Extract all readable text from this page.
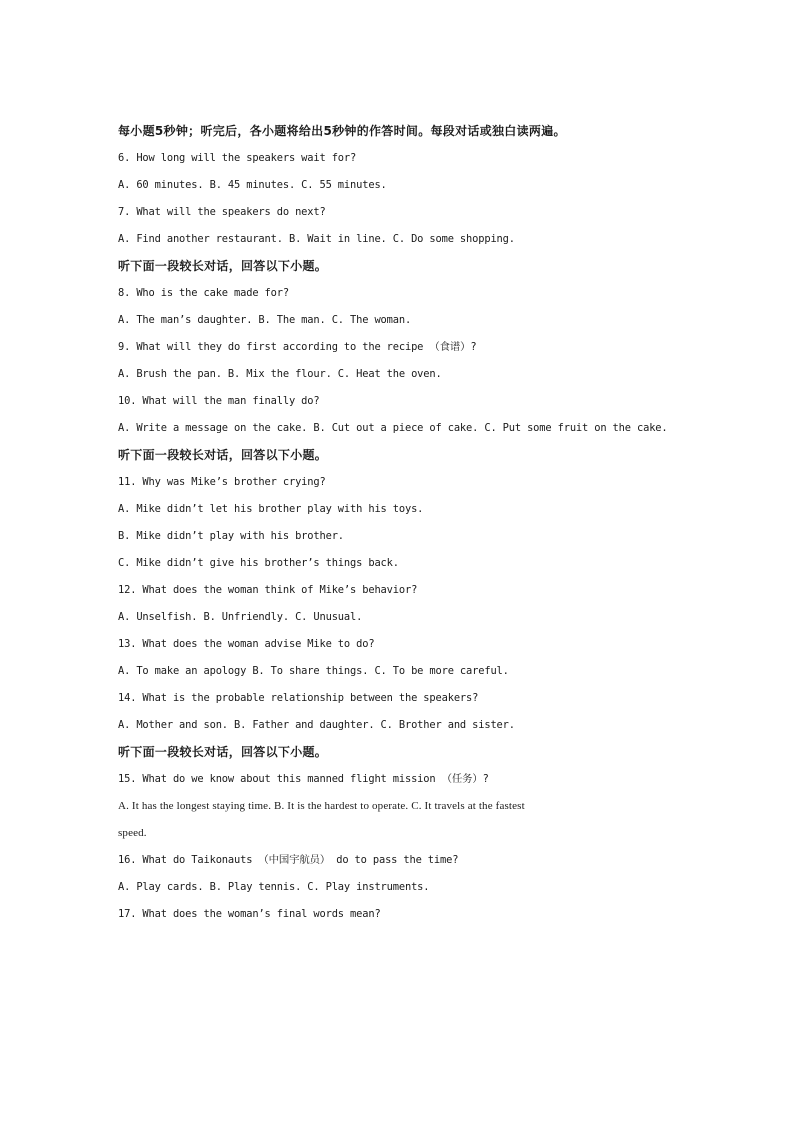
每小题5秒钟；听完后，各小题将给出5秒钟的作答时间。每段对话或独白读两遍。
6. How long will the speakers wait for?
A. 60 minutes. B. 45 minutes. C. 55 minutes.
7. What will the speakers do next?
A. Find another restaurant. B. Wait in line. C. Do some shopping.
听下面一段较长对话，回答以下小题。
8. Who is the cake made for?
A. The man’s daughter. B. The man. C. The woman.
9. What will they do first according to the recipe （食谱）?
A. Brush the pan. B. Mix the flour. C. Heat the oven.
10. What will the man finally do?
A. Write a message on the cake. B. Cut out a piece of cake. C. Put some fruit on the cake.
听下面一段较长对话，回答以下小题。
11. Why was Mike’s brother crying?
A. Mike didn’t let his brother play with his toys.
B. Mike didn’t play with his brother.
C. Mike didn’t give his brother’s things back.
12. What does the woman think of Mike’s behavior?
A. Unselfish. B. Unfriendly. C. Unusual.
13. What does the woman advise Mike to do?
A. To make an apology B. To share things. C. To be more careful.
14. What is the probable relationship between the speakers?
A. Mother and son. B. Father and daughter. C. Brother and sister.
听下面一段较长对话，回答以下小题。
15. What do we know about this manned flight mission （任务）?
A. It has the longest staying time. B. It is the hardest to operate. C. It travels at the fastest
speed.
16. What do Taikonauts （中国宇航员） do to pass the time?
A. Play cards. B. Play tennis. C. Play instruments.
17. What does the woman’s final words mean?
